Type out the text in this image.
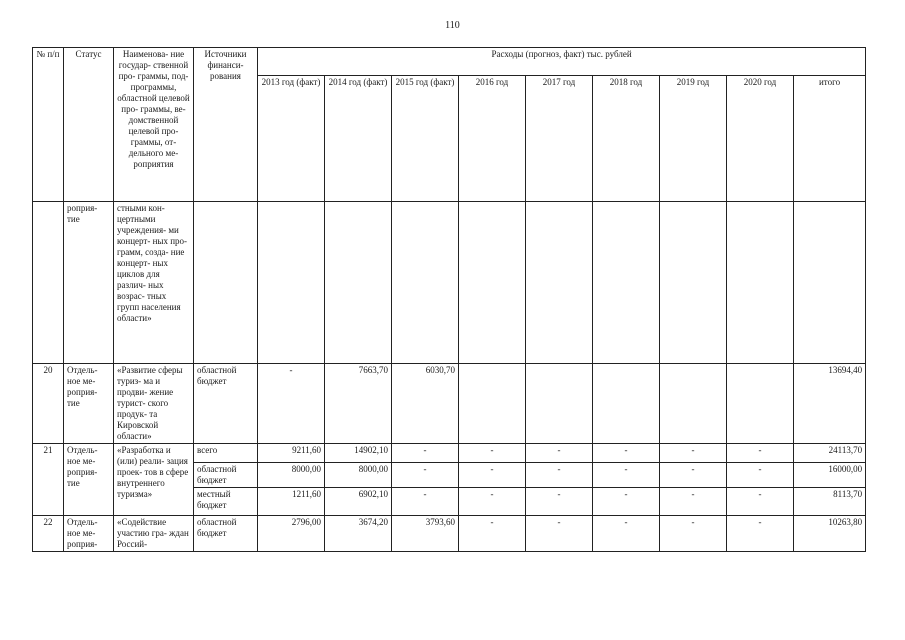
110
№ п/п	Статус	Наименова- ние государ- ственной про- граммы, под- программы, областной целевой про- граммы, ве- домственной целевой про- граммы, от- дельного ме- роприятия	Источники финанси- рования	Расходы (прогноз, факт) тыс. рублей								
				2013 год (факт)	2014 год (факт)	2015 год (факт)	2016 год	2017 год	2018 год	2019 год	2020 год	итого
	роприя- тие	стными кон- цертными учреждения- ми концерт- ных про- грамм, созда- ние концерт- ных циклов для различ- ных возрас- тных групп населения области»										
20	Отдель- ное ме- роприя- тие	«Развитие сферы туриз- ма и продви- жение турист- ского продук- та Кировской области»	областной бюджет	-	7663,70	6030,70						13694,40
21	Отдель- ное ме- роприя- тие	«Разработка и (или) реали- зация проек- тов в сфере внутреннего туризма»	всего	9211,60	14902,10	-	-	-	-	-	-	24113,70
			областной бюджет	8000,00	8000,00	-	-	-	-	-	-	16000,00
			местный бюджет	1211,60	6902,10	-	-	-	-	-	-	8113,70
22	Отдель- ное ме- роприя-	«Содействие участию гра- ждан Россий-	областной бюджет	2796,00	3674,20	3793,60	-	-	-	-	-	10263,80
